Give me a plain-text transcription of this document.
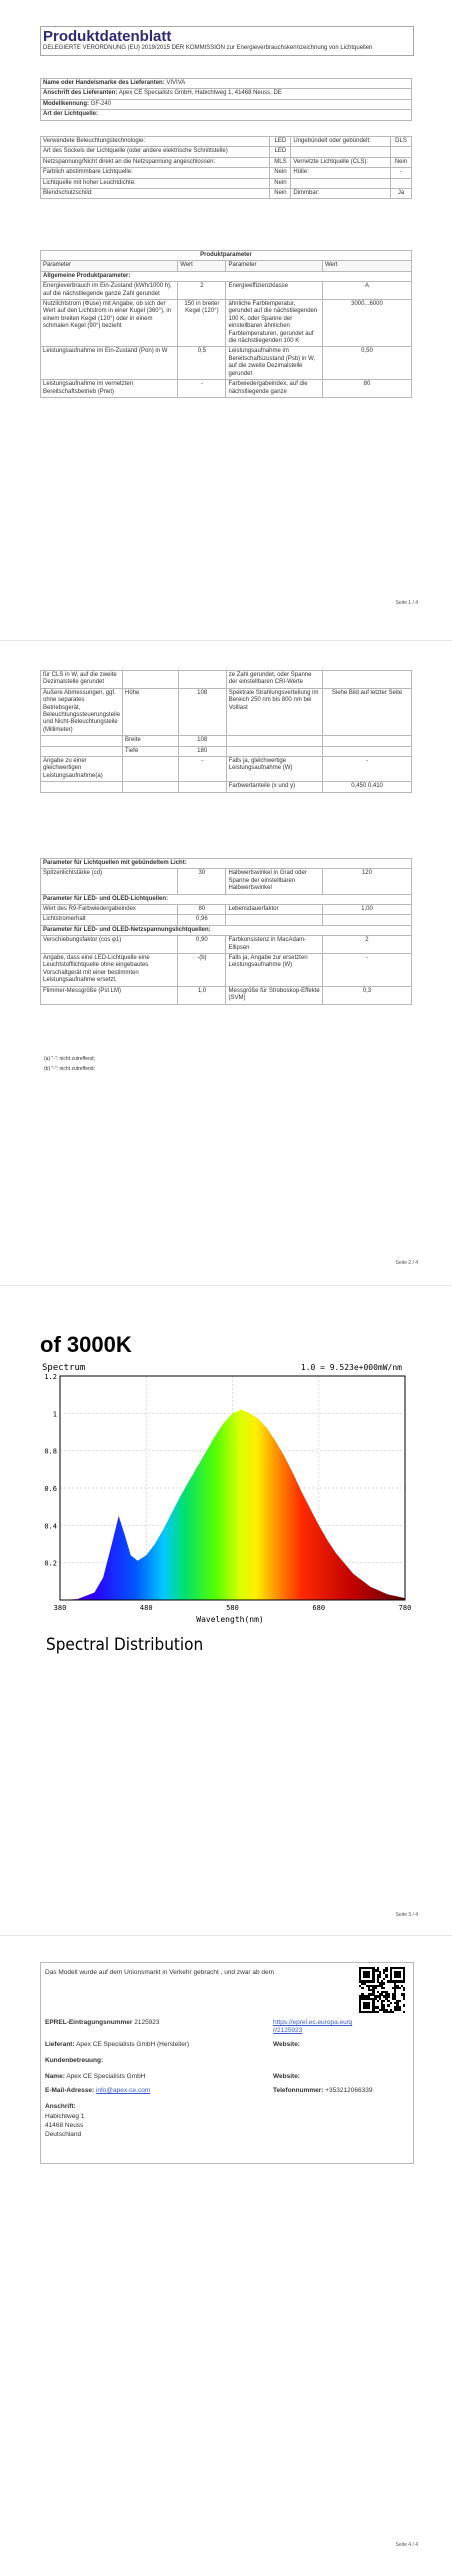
Produktdatenblatt
DELEGIERTE VERORDNUNG (EU) 2019/2015 DER KOMMISSION zur Energieverbrauchskennzeichnung von Lichtquellen
Name oder Handelsmarke des Lieferanten: VIVIVA
Anschrift des Lieferanten: Apex CE Specialists GmbH, Habichtweg 1, 41468 Neuss, DE
Modellkennung: GF-240
Art der Lichtquelle:
Verwendete Beleuchtungstechnologie:	LED	Ungebündelt oder gebündelt:	DLS
Art des Sockels der Lichtquelle (oder andere elektrische Schnittstelle)	LED		
Netzspannung/Nicht direkt an die Netzspannung angeschlossen:	MLS	Vernetzte Lichtquelle (CLS):	Nein
Farblich abstimmbare Lichtquelle:	Nein	Hülle:	-
Lichtquelle mit hoher Leuchtdichte:	Nein		
Blendschutzschild:	Nein	Dimmbar:	Ja
Produktparameter			
Parameter	Wert	Parameter	Wert
Allgemeine Produktparameter:			
Energieverbrauch im Ein-Zustand (kWh/1000 h), auf die nächstliegende ganze Zahl gerundet	2	Energieeffizienzklasse	A
Nutzlichtstrom (Φuse) mit Angabe, ob sich der Wert auf den Lichtstrom in einer Kugel (360°), in einem breiten Kegel (120°) oder in einem schmalen Kegel (90°) bezieht	150 in breiter Kegel (120°)	ähnliche Farbtemperatur, gerundet auf die nächstliegenden 100 K, oder Spanne der einstellbaren ähnlichen Farbtemperaturen, gerundet auf die nächstliegenden 100 K	3000...6000
Leistungsaufnahme im Ein-Zustand (Pon) in W	0,5	Leistungsaufnahme im Bereitschaftszustand (Psb) in W, auf die zweite Dezimalstelle gerundet	0,50
Leistungsaufnahme im vernetzten Bereitschaftsbetrieb (Pnet)	-	Farbwiedergabeindex, auf die nächstliegende ganze	80
Seite 1 / 4
für CLS in W, auf die zweite Dezimalstelle gerundet			ze Zahl gerundet, oder Spanne der einstellbaren CRI-Werte	
Äußere Abmessungen, ggf. ohne separates Betriebsgerät, Beleuchtungssteuerungsteile und Nicht-Beleuchtungsteile (Millimeter)	Höhe	108	Spektrale Strahlungsverteilung im Bereich 250 nm bis 800 nm bei Volllast	Siehe Bild auf letzter Seite
	Breite	108		
	Tiefe	180		
Angabe zu einer gleichwertigen Leistungsaufnahme(a)		-	Falls ja, gleichwertige Leistungsaufnahme (W)	-
			Farbwertanteile (x und y)	0,450 0,410
Parameter für Lichtquellen mit gebündeltem Licht:			
Spitzenlichtstärke (cd)	30	Halbwertswinkel in Grad oder Spanne der einstellbaren Halbwertswinkel	120
Parameter für LED- und OLED-Lichtquellen:			
Wert des R9-Farbwiedergabeindex	80	Lebensdauerfaktor	1,00
Lichtstromerhalt	0,96		
Parameter für LED- und OLED-Netzspannungslichtquellen:			
Verschiebungsfaktor (cos φ1)	0,90	Farbkonsistenz in MacAdam-Ellipsen	2
Angabe, dass eine LED-Lichtquelle eine Leuchtstofflichtquelle ohne eingebautes Vorschaltgerät mit einer bestimmten Leistungsaufnahme ersetzt.	-(b)	Falls ja, Angabe zur ersetzten Leistungsaufnahme (W)	-
Flimmer-Messgröße (Pst LM)	1,0	Messgröße für Stroboskop-Effekte (SVM)	0,3
(a) "-": nicht zutreffend;
(b) "-": nicht zutreffend;
Seite 2 / 4
of 3000K
Spectrum	1.0 = 9.523e+000mW/nm
0.2
0.4
0.6
0.8
1
1.2
380	480	580	680	780
Wavelength(nm)
Spectral Distribution
Seite 3 / 4
Das Modell wurde auf dem Unionsmarkt in Verkehr gebracht , und zwar ab dem
EPREL-Eintragungsnummer 2125923	https://eprel.ec.europa.eu/qr/2125923
Lieferant: Apex CE Specialists GmbH (Hersteller)	Website:
Kundenbetreuung:
Name: Apex CE Specialists GmbH	Website:
E-Mail-Adresse: info@apex-ce.com	Telefonnummer: +353212066339
Anschrift:
Habichtweg 1
41468 Neuss
Deutschland
Seite 4 / 4
